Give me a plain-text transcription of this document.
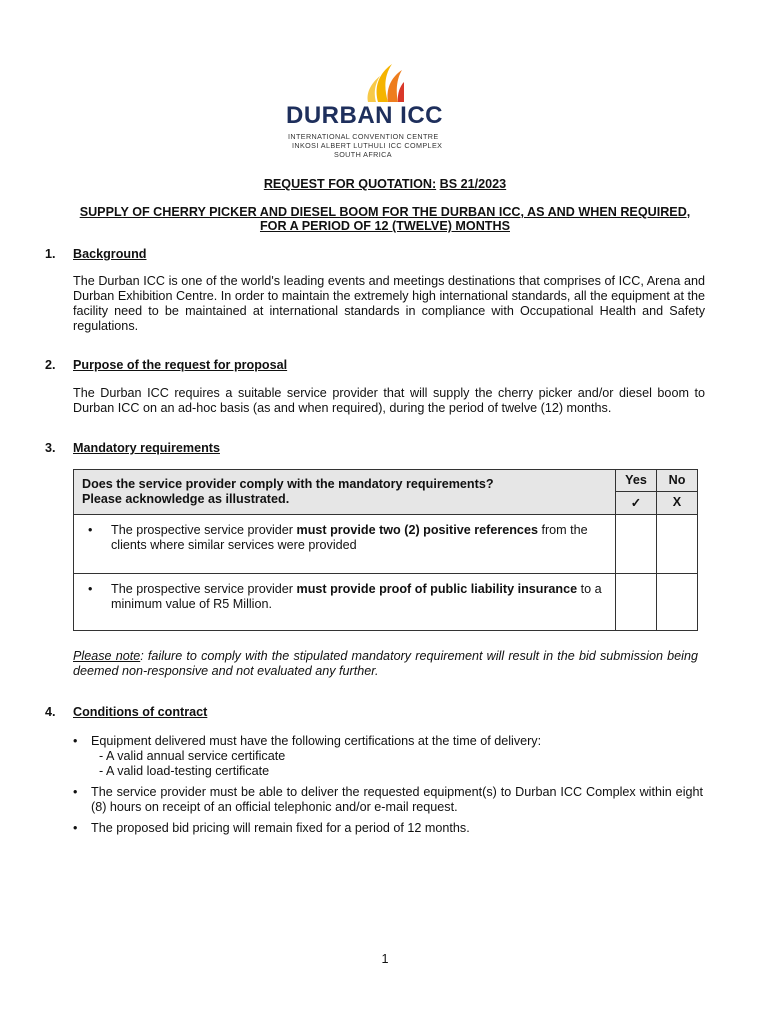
DURBAN ICC
INTERNATIONAL CONVENTION CENTRE
INKOSI ALBERT LUTHULI ICC COMPLEX
SOUTH AFRICA
REQUEST FOR QUOTATION: BS 21/2023
SUPPLY OF CHERRY PICKER AND DIESEL BOOM FOR THE DURBAN ICC, AS AND WHEN REQUIRED,
FOR A PERIOD OF 12 (TWELVE) MONTHS
1. Background
The Durban ICC is one of the world's leading events and meetings destinations that comprises of ICC, Arena and Durban Exhibition Centre. In order to maintain the extremely high international standards, all the equipment at the facility need to be maintained at international standards in compliance with Occupational Health and Safety regulations.
2. Purpose of the request for proposal
The Durban ICC requires a suitable service provider that will supply the cherry picker and/or diesel boom to Durban ICC on an ad-hoc basis (as and when required), during the period of twelve (12) months.
3. Mandatory requirements
Does the service provider comply with the mandatory requirements?
Please acknowledge as illustrated.	Yes	No
	✓	X

• The prospective service provider must provide two (2) positive references from the clients where similar services were provided		

• The prospective service provider must provide proof of public liability insurance to a minimum value of R5 Million.		

Please note: failure to comply with the stipulated mandatory requirement will result in the bid submission being deemed non-responsive and not evaluated any further.
4. Conditions of contract
•	Equipment delivered must have the following certifications at the time of delivery:
- A valid annual service certificate
- A valid load-testing certificate
•	The service provider must be able to deliver the requested equipment(s) to Durban ICC Complex within eight (8) hours on receipt of an official telephonic and/or e-mail request.
•	The proposed bid pricing will remain fixed for a period of 12 months.
1
